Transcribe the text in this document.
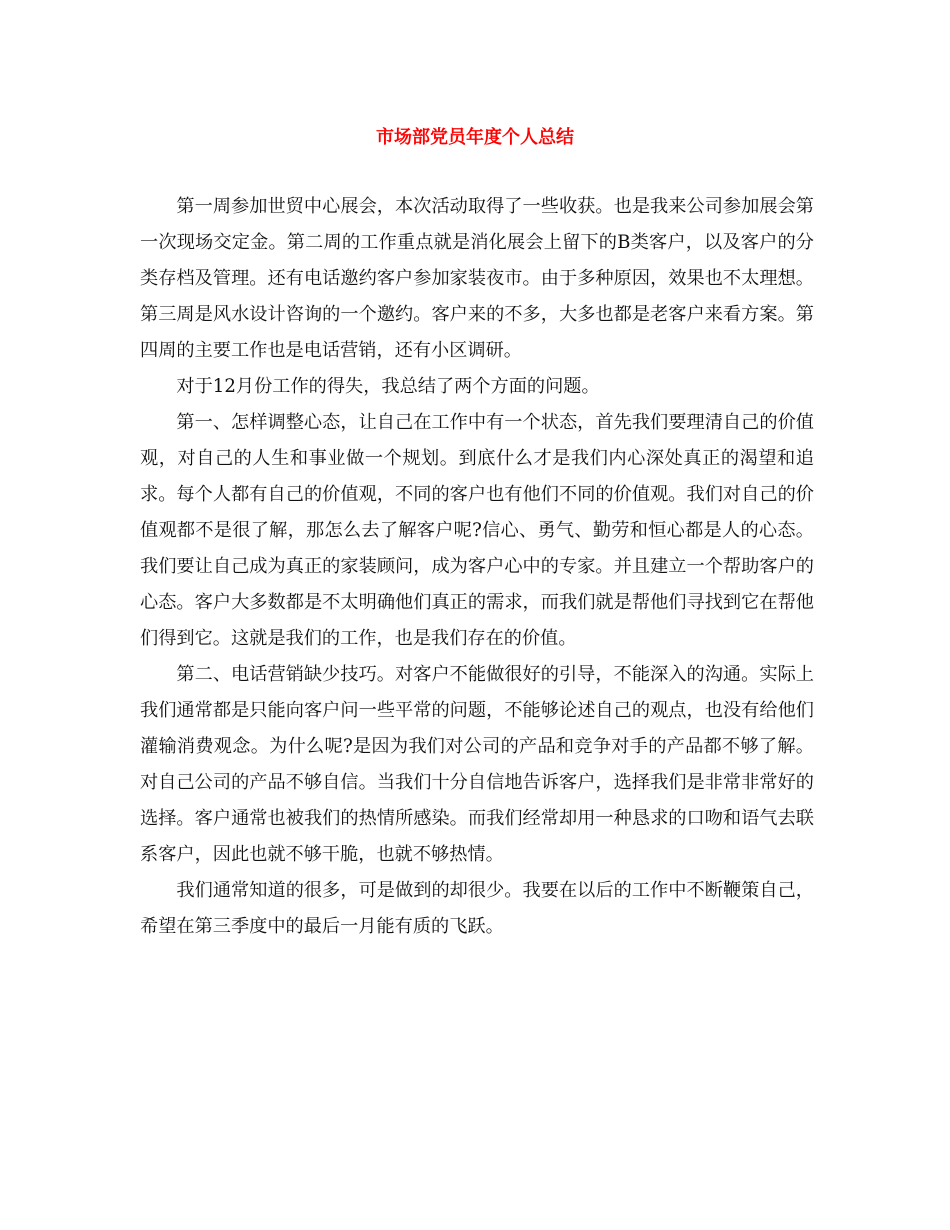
市场部党员年度个人总结

第一周参加世贸中心展会，本次活动取得了一些收获。也是我来公司参加展会第一次现场交定金。第二周的工作重点就是消化展会上留下的B类客户，以及客户的分类存档及管理。还有电话邀约客户参加家装夜市。由于多种原因，效果也不太理想。第三周是风水设计咨询的一个邀约。客户来的不多，大多也都是老客户来看方案。第四周的主要工作也是电话营销，还有小区调研。

对于12月份工作的得失，我总结了两个方面的问题。

第一、怎样调整心态，让自己在工作中有一个状态，首先我们要理清自己的价值观，对自己的人生和事业做一个规划。到底什么才是我们内心深处真正的渴望和追求。每个人都有自己的价值观，不同的客户也有他们不同的价值观。我们对自己的价值观都不是很了解，那怎么去了解客户呢?信心、勇气、勤劳和恒心都是人的心态。我们要让自己成为真正的家装顾问，成为客户心中的专家。并且建立一个帮助客户的心态。客户大多数都是不太明确他们真正的需求，而我们就是帮他们寻找到它在帮他们得到它。这就是我们的工作，也是我们存在的价值。

第二、电话营销缺少技巧。对客户不能做很好的引导，不能深入的沟通。实际上我们通常都是只能向客户问一些平常的问题，不能够论述自己的观点，也没有给他们灌输消费观念。为什么呢?是因为我们对公司的产品和竞争对手的产品都不够了解。对自己公司的产品不够自信。当我们十分自信地告诉客户，选择我们是非常非常好的选择。客户通常也被我们的热情所感染。而我们经常却用一种恳求的口吻和语气去联系客户，因此也就不够干脆，也就不够热情。

我们通常知道的很多，可是做到的却很少。我要在以后的工作中不断鞭策自己，希望在第三季度中的最后一月能有质的飞跃。
